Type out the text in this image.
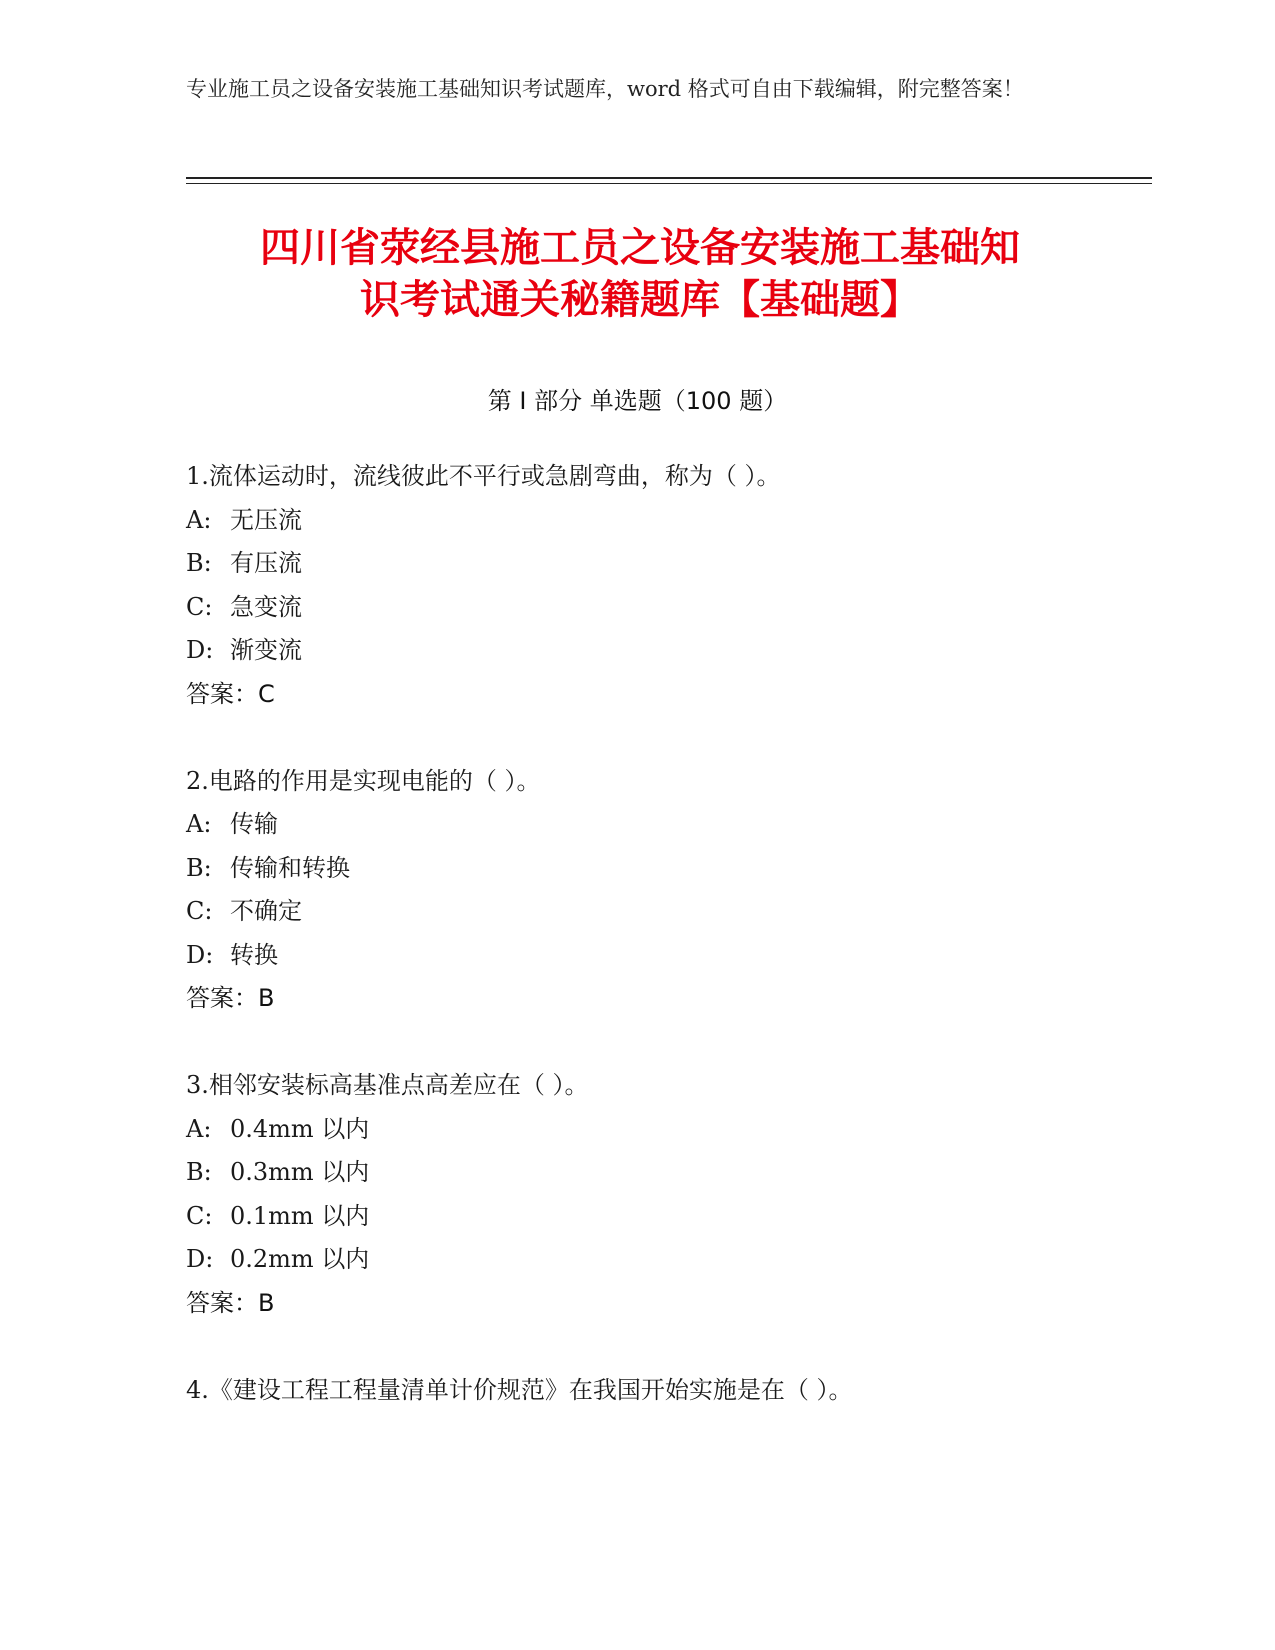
专业施工员之设备安装施工基础知识考试题库，word 格式可自由下载编辑，附完整答案！
四川省荥经县施工员之设备安装施工基础知
识考试通关秘籍题库【基础题】
第 I 部分 单选题（100 题）
1.流体运动时，流线彼此不平行或急剧弯曲，称为（ ）。
A: 无压流
B: 有压流
C: 急变流
D: 渐变流
答案：C
2.电路的作用是实现电能的（ ）。
A: 传输
B: 传输和转换
C: 不确定
D: 转换
答案：B
3.相邻安装标高基准点高差应在（ ）。
A: 0.4mm 以内
B: 0.3mm 以内
C: 0.1mm 以内
D: 0.2mm 以内
答案：B
4.《建设工程工程量清单计价规范》在我国开始实施是在（ ）。
